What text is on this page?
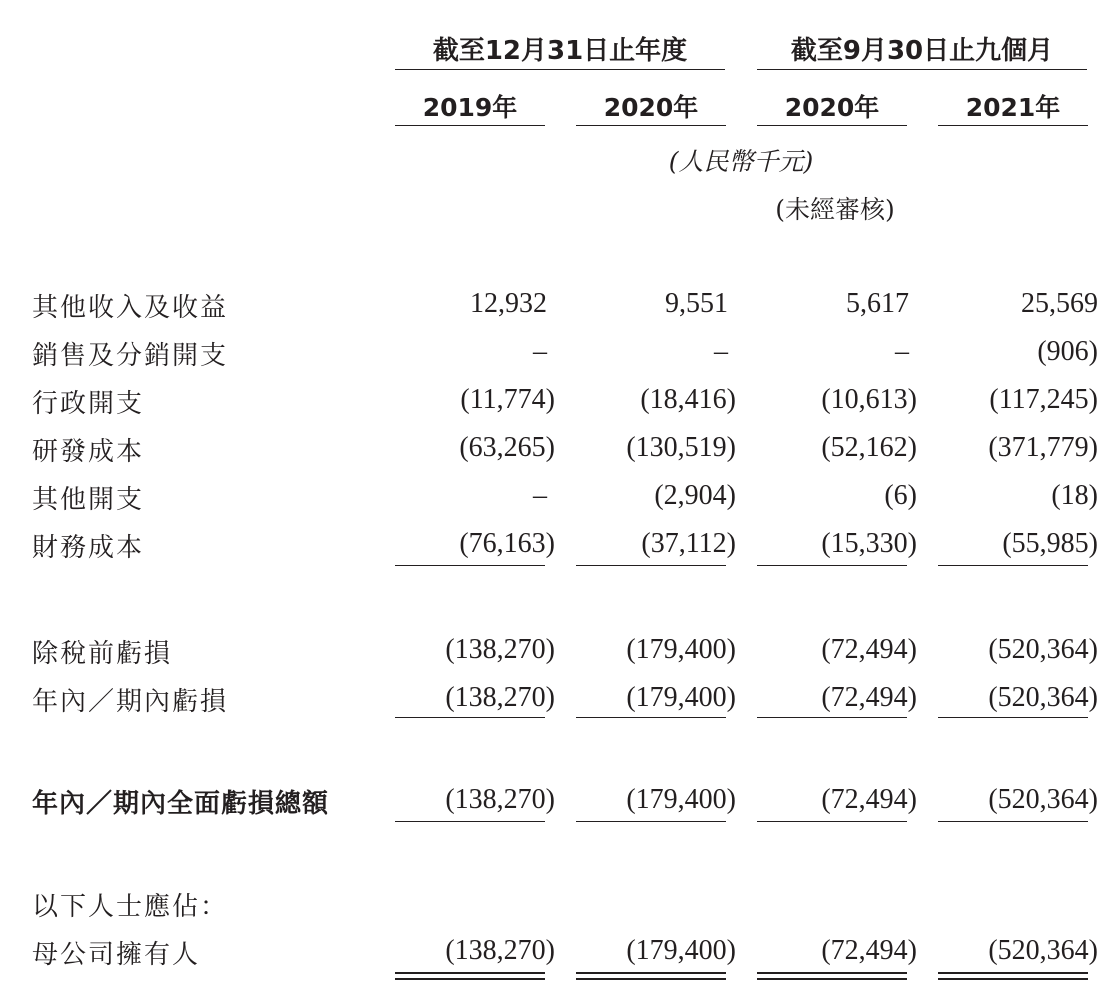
截至12月31日止年度	截至9月30日止九個月
2019年	2020年	2020年	2021年
(人民幣千元)
(未經審核)
其他收入及收益	12,932	9,551	5,617	25,569
銷售及分銷開支	–	–	–	(906)
行政開支	(11,774)	(18,416)	(10,613)	(117,245)
研發成本	(63,265)	(130,519)	(52,162)	(371,779)
其他開支	–	(2,904)	(6)	(18)
財務成本	(76,163)	(37,112)	(15,330)	(55,985)
除稅前虧損	(138,270)	(179,400)	(72,494)	(520,364)
年內／期內虧損	(138,270)	(179,400)	(72,494)	(520,364)
年內／期內全面虧損總額	(138,270)	(179,400)	(72,494)	(520,364)
以下人士應佔：
母公司擁有人	(138,270)	(179,400)	(72,494)	(520,364)
